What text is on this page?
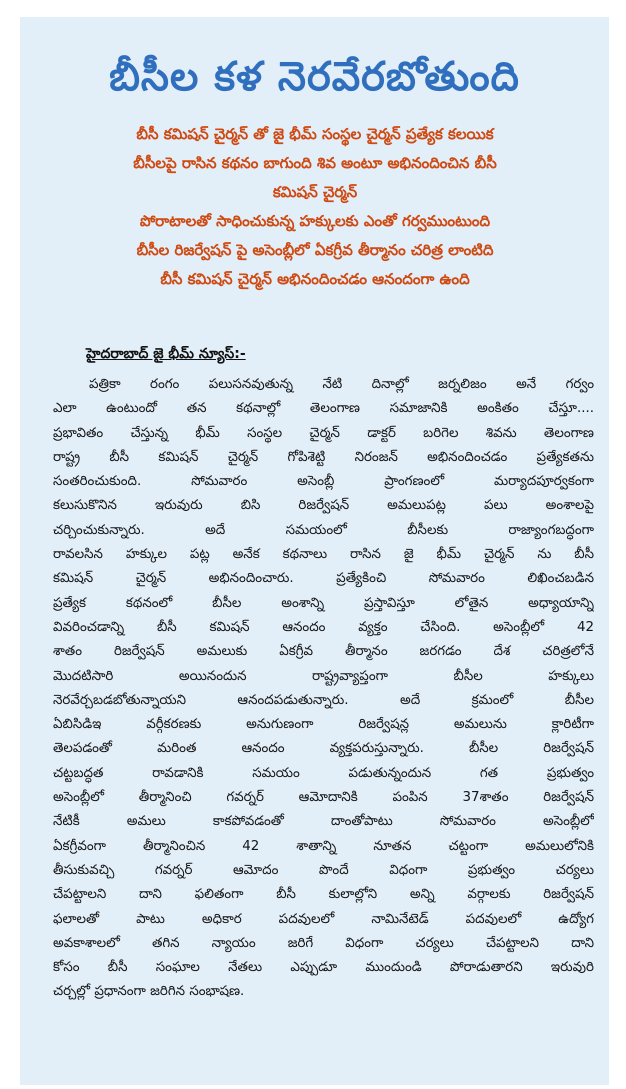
బీసీల కళ నెరవేరబోతుంది
బీసీ కమిషన్ చైర్మన్ తో జై భీమ్ సంస్థల చైర్మన్ ప్రత్యేక కలయిక
బీసీలపై రాసిన కథనం బాగుంది శివ అంటూ అభినందించిన బీసీ
కమిషన్ చైర్మన్
పోరాటాలతో సాధించుకున్న హక్కులకు ఎంతో గర్వముంటుంది
బీసీల రిజర్వేషన్ పై అసెంబ్లీలో ఏకగ్రీవ తీర్మానం చరిత్ర లాంటిది
బీసీ కమిషన్ చైర్మన్ అభినందించడం ఆనందంగా ఉంది
హైదరాబాద్ జై భీమ్ న్యూస్:-
పత్రికా రంగం పలుసనవుతున్న నేటి దినాల్లో జర్నలిజం అనే గర్వం
ఎలా ఉంటుందో తన కథనాల్లో తెలంగాణ సమాజానికి అంకితం చేస్తూ....
ప్రభావితం చేస్తున్న భీమ్ సంస్థల చైర్మన్ డాక్టర్ బరిగెల శివను తెలంగాణ
రాష్ట్ర బీసీ కమిషన్ చైర్మన్ గోపిశెట్టి నిరంజన్ అభినందించడం ప్రత్యేకతను
సంతరించుకుంది. సోమవారం అసెంబ్లీ ప్రాంగణంలో మర్యాదపూర్వకంగా
కలుసుకొనిన ఇరువురు బిసి రిజర్వేషన్ అమలుపట్ల పలు అంశాలపై
చర్చించుకున్నారు. అదే సమయంలో బీసీలకు రాజ్యాంగబద్ధంగా
రావలసిన హక్కుల పట్ల అనేక కథనాలు రాసిన జై భీమ్ చైర్మన్ ను బీసీ
కమిషన్ చైర్మన్ అభినందించారు. ప్రత్యేకించి సోమవారం లిఖించబడిన
ప్రత్యేక కథనంలో బీసీల అంశాన్ని ప్రస్తావిస్తూ లోతైన అధ్యాయాన్ని
వివరించడాన్ని బీసీ కమిషన్ ఆనందం వ్యక్తం చేసింది. అసెంబ్లీలో 42
శాతం రిజర్వేషన్ అమలుకు ఏకగ్రీవ తీర్మానం జరగడం దేశ చరిత్రలోనే
మొదటిసారి అయినందున రాష్ట్రవ్యాప్తంగా బీసీల హక్కులు
నెరవేర్చబడబోతున్నాయని ఆనందపడుతున్నారు. అదే క్రమంలో బీసీల
ఏబిసిడిఇ వర్గీకరణకు అనుగుణంగా రిజర్వేషన్ల అమలును క్లారిటీగా
తెలపడంతో మరింత ఆనందం వ్యక్తపరుస్తున్నారు. బీసీల రిజర్వేషన్
చట్టబద్ధత రావడానికి సమయం పడుతున్నందున గత ప్రభుత్వం
అసెంబ్లీలో తీర్మానించి గవర్నర్ ఆమోదానికి పంపిన 37శాతం రిజర్వేషన్
నేటికీ అమలు కాకపోవడంతో దాంతోపాటు సోమవారం అసెంబ్లీలో
ఏకగ్రీవంగా తీర్మానించిన 42 శాతాన్ని నూతన చట్టంగా అమలులోనికి
తీసుకువచ్చి గవర్నర్ ఆమోదం పొందే విధంగా ప్రభుత్వం చర్యలు
చేపట్టాలని దాని ఫలితంగా బీసీ కులాల్లోని అన్ని వర్గాలకు రిజర్వేషన్
ఫలాలతో పాటు అధికార పదవులలో నామినేటెడ్ పదవులలో ఉద్యోగ
అవకాశాలలో తగిన న్యాయం జరిగే విధంగా చర్యలు చేపట్టాలని దాని
కోసం బీసీ సంఘాల నేతలు ఎప్పుడూ ముందుండి పోరాడుతారని ఇరువురి
చర్చల్లో ప్రధానంగా జరిగిన సంభాషణ.
